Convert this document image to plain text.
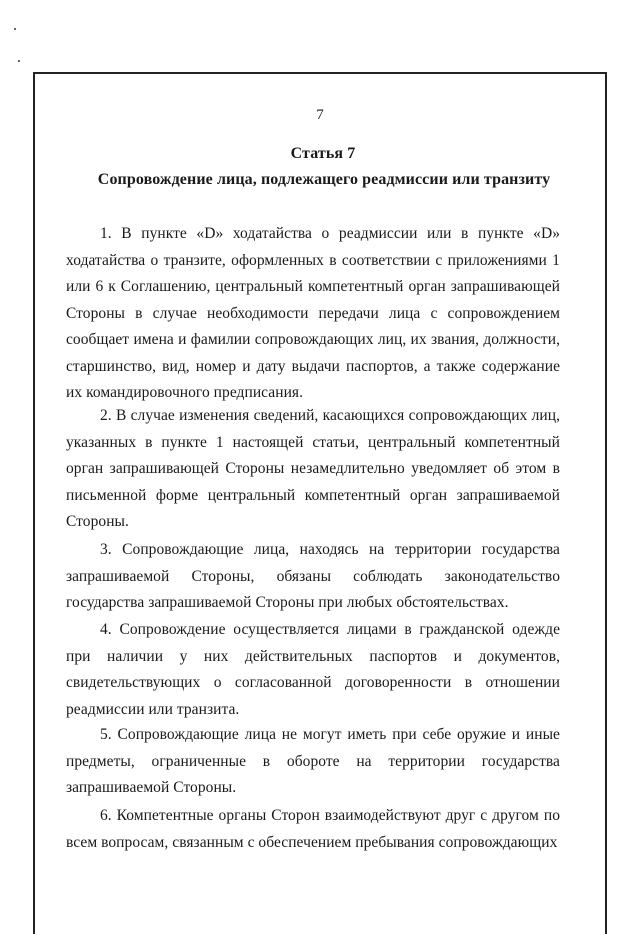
7
Статья 7
Сопровождение лица, подлежащего реадмиссии или транзиту

1. В пункте «D» ходатайства о реадмиссии или в пункте «D» ходатайства о транзите, оформленных в соответствии с приложениями 1 или 6 к Соглашению, центральный компетентный орган запрашивающей Стороны в случае необходимости передачи лица с сопровождением сообщает имена и фамилии сопровождающих лиц, их звания, должности, старшинство, вид, номер и дату выдачи паспортов, а также содержание их командировочного предписания.

2. В случае изменения сведений, касающихся сопровождающих лиц, указанных в пункте 1 настоящей статьи, центральный компетентный орган запрашивающей Стороны незамедлительно уведомляет об этом в письменной форме центральный компетентный орган запрашиваемой Стороны.

3. Сопровождающие лица, находясь на территории государства запрашиваемой Стороны, обязаны соблюдать законодательство государства запрашиваемой Стороны при любых обстоятельствах.

4. Сопровождение осуществляется лицами в гражданской одежде при наличии у них действительных паспортов и документов, свидетельствующих о согласованной договоренности в отношении реадмиссии или транзита.

5. Сопровождающие лица не могут иметь при себе оружие и иные предметы, ограниченные в обороте на территории государства запрашиваемой Стороны.

6. Компетентные органы Сторон взаимодействуют друг с другом по всем вопросам, связанным с обеспечением пребывания сопровождающих
